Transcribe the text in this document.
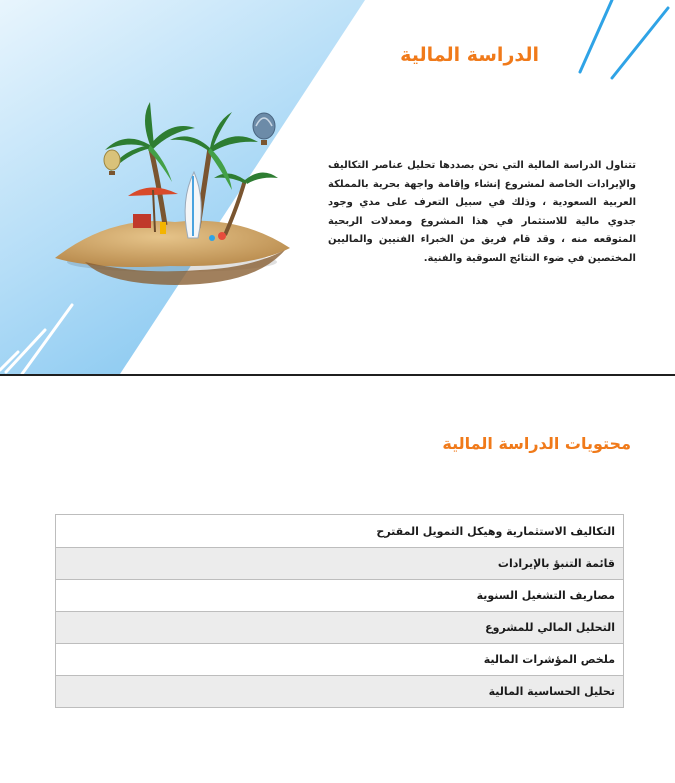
الدراسة المالية
تتناول الدراسة المالية التي نحن بصددها تحليل عناصر التكاليف والإيرادات الخاصة لمشروع إنشاء وإقامة واجهة بحرية بالمملكة العربية السعودية ، وذلك في سبيل التعرف على مدي وجود جدوي مالية للاستثمار في هذا المشروع ومعدلات الربحية المتوقعه منه ، وقد قام فريق من الخبراء الفنيين والماليين المختصين في ضوء النتائج السوقية والفنية.
محتويات الدراسة المالية
التكاليف الاستثمارية وهيكل التمويل المقترح
قائمة التنبؤ بالإيرادات
مصاريف التشغيل السنوية
التحليل المالي للمشروع
ملخص المؤشرات المالية
تحليل الحساسية المالية
